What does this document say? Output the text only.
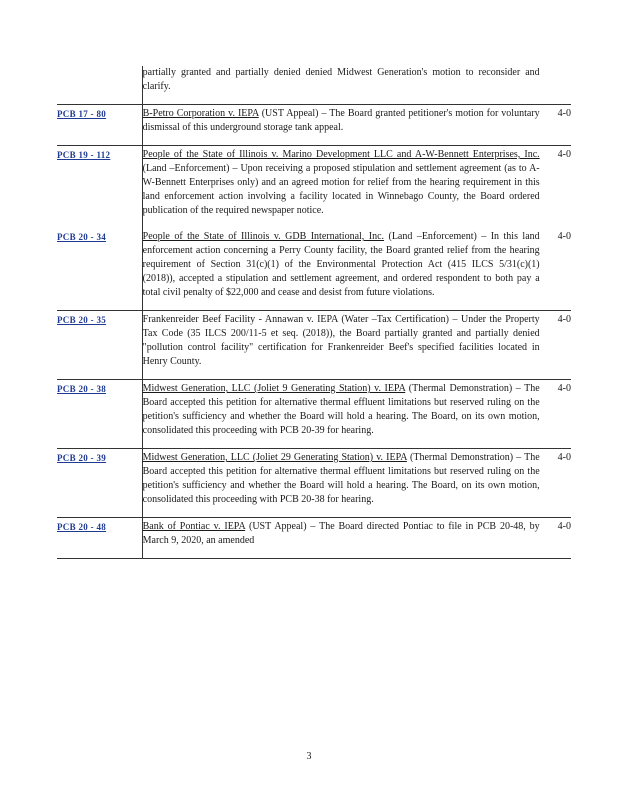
	partially granted and partially denied denied Midwest Generation's motion to reconsider and clarify.	
PCB 17 - 80	B-Petro Corporation v. IEPA (UST Appeal) – The Board granted petitioner's motion for voluntary dismissal of this underground storage tank appeal.	4-0
PCB 19 - 112	People of the State of Illinois v. Marino Development LLC and A-W-Bennett Enterprises, Inc. (Land –Enforcement) – Upon receiving a proposed stipulation and settlement agreement (as to A-W-Bennett Enterprises only) and an agreed motion for relief from the hearing requirement in this land enforcement action involving a facility located in Winnebago County, the Board ordered publication of the required newspaper notice.	4-0
PCB 20 - 34	People of the State of Illinois v. GDB International, Inc. (Land –Enforcement) – In this land enforcement action concerning a Perry County facility, the Board granted relief from the hearing requirement of Section 31(c)(1) of the Environmental Protection Act (415 ILCS 5/31(c)(1) (2018)), accepted a stipulation and settlement agreement, and ordered respondent to both pay a total civil penalty of $22,000 and cease and desist from future violations.	4-0
PCB 20 - 35	Frankenreider Beef Facility - Annawan v. IEPA (Water –Tax Certification) – Under the Property Tax Code (35 ILCS 200/11-5 et seq. (2018)), the Board partially granted and partially denied "pollution control facility" certification for Frankenreider Beef's specified facilities located in Henry County.	4-0
PCB 20 - 38	Midwest Generation, LLC (Joliet 9 Generating Station) v. IEPA (Thermal Demonstration) – The Board accepted this petition for alternative thermal effluent limitations but reserved ruling on the petition's sufficiency and whether the Board will hold a hearing. The Board, on its own motion, consolidated this proceeding with PCB 20-39 for hearing.	4-0
PCB 20 - 39	Midwest Generation, LLC (Joliet 29 Generating Station) v. IEPA (Thermal Demonstration) – The Board accepted this petition for alternative thermal effluent limitations but reserved ruling on the petition's sufficiency and whether the Board will hold a hearing. The Board, on its own motion, consolidated this proceeding with PCB 20-38 for hearing.	4-0
PCB 20 - 48	Bank of Pontiac v. IEPA (UST Appeal) – The Board directed Pontiac to file in PCB 20-48, by March 9, 2020, an amended	4-0
3
